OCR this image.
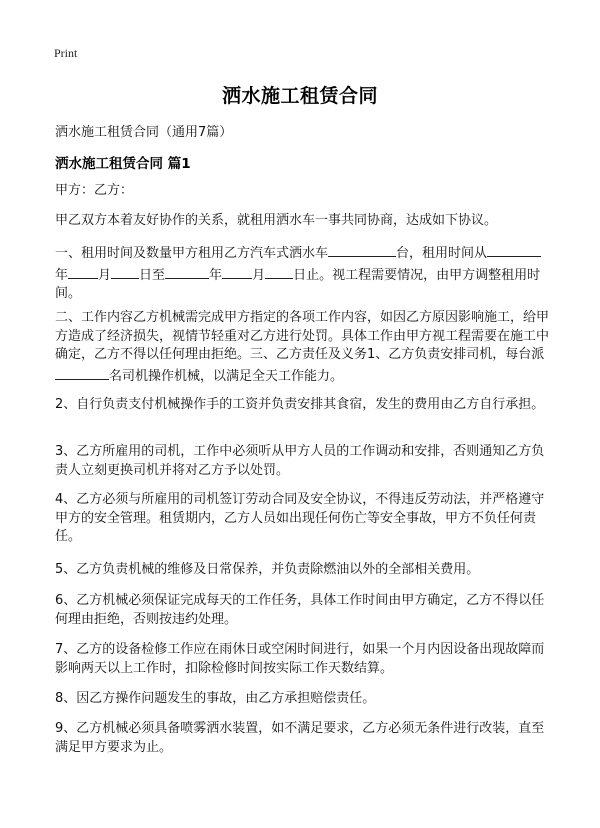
Print
洒水施工租赁合同
洒水施工租赁合同（通用7篇）
洒水施工租赁合同 篇1
甲方：乙方：
甲乙双方本着友好协作的关系，就租用洒水车一事共同协商，达成如下协议。
一、租用时间及数量甲方租用乙方汽车式洒水车	台，租用时间从
年 月 日至	年 月 日止。视工程需要情况，由甲方调整租用时间。
二、工作内容乙方机械需完成甲方指定的各项工作内容，如因乙方原因影响施工，给甲方造成了经济损失，视情节轻重对乙方进行处罚。具体工作由甲方视工程需要在施工中确定，乙方不得以任何理由拒绝。三、乙方责任及义务1、乙方负责安排司机，每台派名司机操作机械，以满足全天工作能力。
2、自行负责支付机械操作手的工资并负责安排其食宿，发生的费用由乙方自行承担。
3、乙方所雇用的司机，工作中必须听从甲方人员的工作调动和安排，否则通知乙方负责人立刻更换司机并将对乙方予以处罚。
4、乙方必须与所雇用的司机签订劳动合同及安全协议，不得违反劳动法，并严格遵守甲方的安全管理。租赁期内，乙方人员如出现任何伤亡等安全事故，甲方不负任何责任。
5、乙方负责机械的维修及日常保养，并负责除燃油以外的全部相关费用。
6、乙方机械必须保证完成每天的工作任务，具体工作时间由甲方确定，乙方不得以任何理由拒绝，否则按违约处理。
7、乙方的设备检修工作应在雨休日或空闲时间进行，如果一个月内因设备出现故障而影响两天以上工作时，扣除检修时间按实际工作天数结算。
8、因乙方操作问题发生的事故，由乙方承担赔偿责任。
9、乙方机械必须具备喷雾洒水装置，如不满足要求，乙方必须无条件进行改装，直至满足甲方要求为止。
